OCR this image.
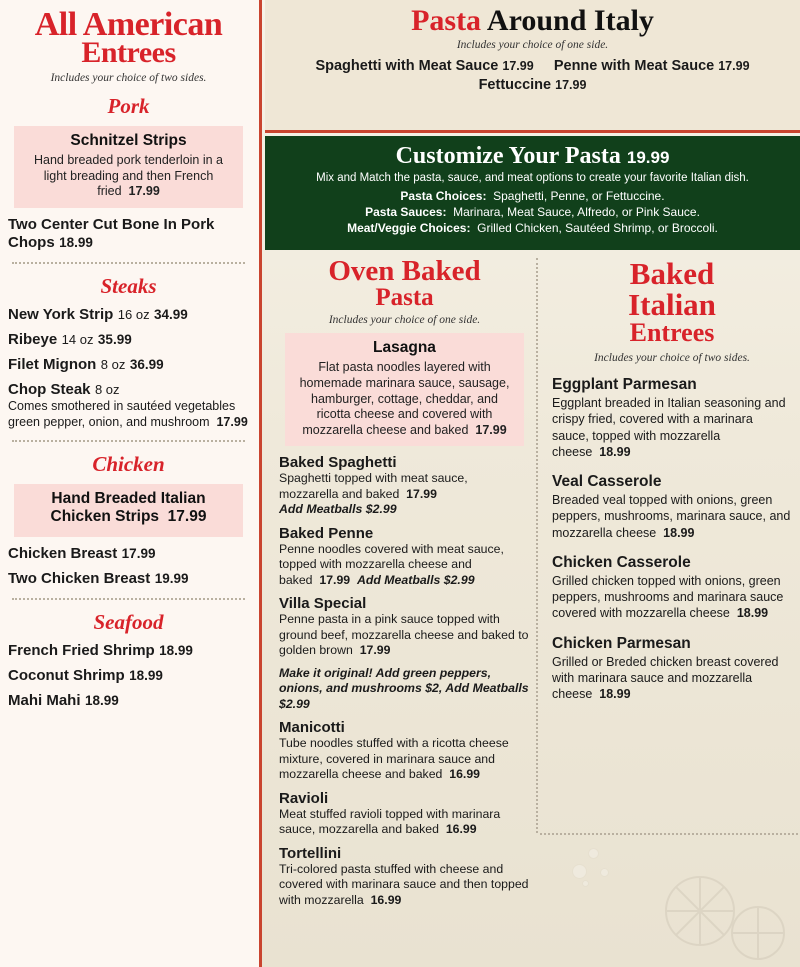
All American
Entrees
Includes your choice of two sides.
Pork
Schnitzel Strips
Hand breaded pork tenderloin in a light breading and then French fried 17.99
Two Center Cut Bone In Pork Chops 18.99
Steaks
New York Strip 16 oz 34.99
Ribeye 14 oz 35.99
Filet Mignon 8 oz 36.99
Chop Steak 8 oz
Comes smothered in sautéed vegetables green pepper, onion, and mushroom 17.99
Chicken
Hand Breaded Italian Chicken Strips 17.99
Chicken Breast 17.99
Two Chicken Breast 19.99
Seafood
French Fried Shrimp 18.99
Coconut Shrimp 18.99
Mahi Mahi 18.99
Pasta Around Italy
Includes your choice of one side.
Spaghetti with Meat Sauce 17.99 Penne with Meat Sauce 17.99
Fettuccine 17.99
Customize Your Pasta 19.99
Mix and Match the pasta, sauce, and meat options to create your favorite Italian dish.
Pasta Choices: Spaghetti, Penne, or Fettuccine.
Pasta Sauces: Marinara, Meat Sauce, Alfredo, or Pink Sauce.
Meat/Veggie Choices: Grilled Chicken, Sautéed Shrimp, or Broccoli.
Oven Baked
Pasta
Includes your choice of one side.
Lasagna
Flat pasta noodles layered with homemade marinara sauce, sausage, hamburger, cottage, cheddar, and ricotta cheese and covered with mozzarella cheese and baked 17.99
Baked Spaghetti
Spaghetti topped with meat sauce, mozzarella and baked 17.99
Add Meatballs $2.99
Baked Penne
Penne noodles covered with meat sauce, topped with mozzarella cheese and baked 17.99 Add Meatballs $2.99
Villa Special
Penne pasta in a pink sauce topped with ground beef, mozzarella cheese and baked to golden brown 17.99
Make it original! Add green peppers, onions, and mushrooms $2, Add Meatballs $2.99
Manicotti
Tube noodles stuffed with a ricotta cheese mixture, covered in marinara sauce and mozzarella cheese and baked 16.99
Ravioli
Meat stuffed ravioli topped with marinara sauce, mozzarella and baked 16.99
Tortellini
Tri-colored pasta stuffed with cheese and covered with marinara sauce and then topped with mozzarella 16.99
Baked
Italian
Entrees
Includes your choice of two sides.
Eggplant Parmesan
Eggplant breaded in Italian seasoning and crispy fried, covered with a marinara sauce, topped with mozzarella cheese 18.99
Veal Casserole
Breaded veal topped with onions, green peppers, mushrooms, marinara sauce, and mozzarella cheese 18.99
Chicken Casserole
Grilled chicken topped with onions, green peppers, mushrooms and marinara sauce covered with mozzarella cheese 18.99
Chicken Parmesan
Grilled or Breded chicken breast covered with marinara sauce and mozzarella cheese 18.99
